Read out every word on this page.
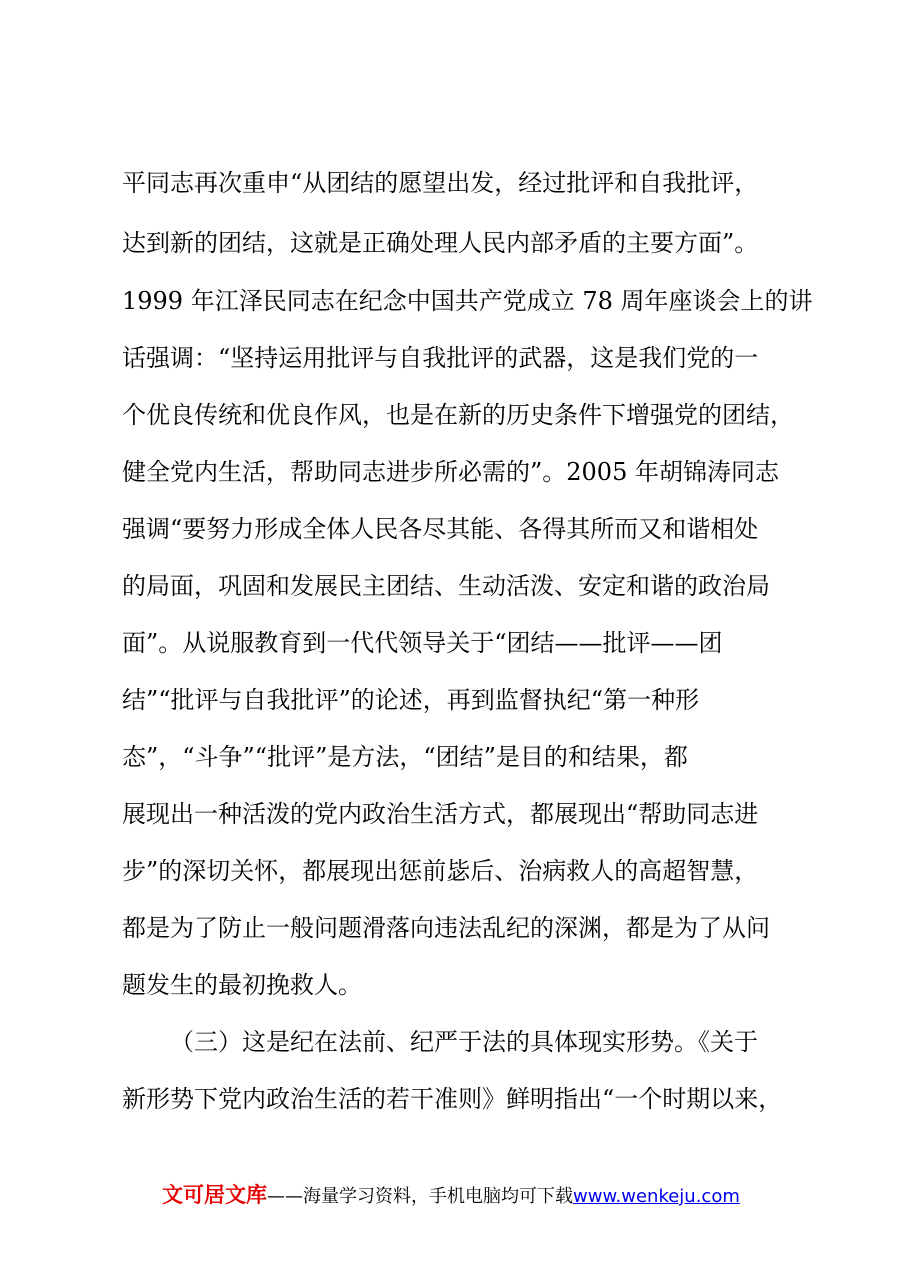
平同志再次重申“从团结的愿望出发，经过批评和自我批评，
达到新的团结，这就是正确处理人民内部矛盾的主要方面”。
1999 年江泽民同志在纪念中国共产党成立 78 周年座谈会上的讲
话强调：“坚持运用批评与自我批评的武器，这是我们党的一
个优良传统和优良作风，也是在新的历史条件下增强党的团结，
健全党内生活，帮助同志进步所必需的”。2005 年胡锦涛同志
强调“要努力形成全体人民各尽其能、各得其所而又和谐相处
的局面，巩固和发展民主团结、生动活泼、安定和谐的政治局
面”。从说服教育到一代代领导关于“团结——批评——团
结”“批评与自我批评”的论述，再到监督执纪“第一种形
态”，“斗争”“批评”是方法，“团结”是目的和结果，都
展现出一种活泼的党内政治生活方式，都展现出“帮助同志进
步”的深切关怀，都展现出惩前毖后、治病救人的高超智慧，
都是为了防止一般问题滑落向违法乱纪的深渊，都是为了从问
题发生的最初挽救人。
（三）这是纪在法前、纪严于法的具体现实形势。《关于
新形势下党内政治生活的若干准则》鲜明指出“一个时期以来，
文可居文库——海量学习资料，手机电脑均可下载www.wenkeju.com
